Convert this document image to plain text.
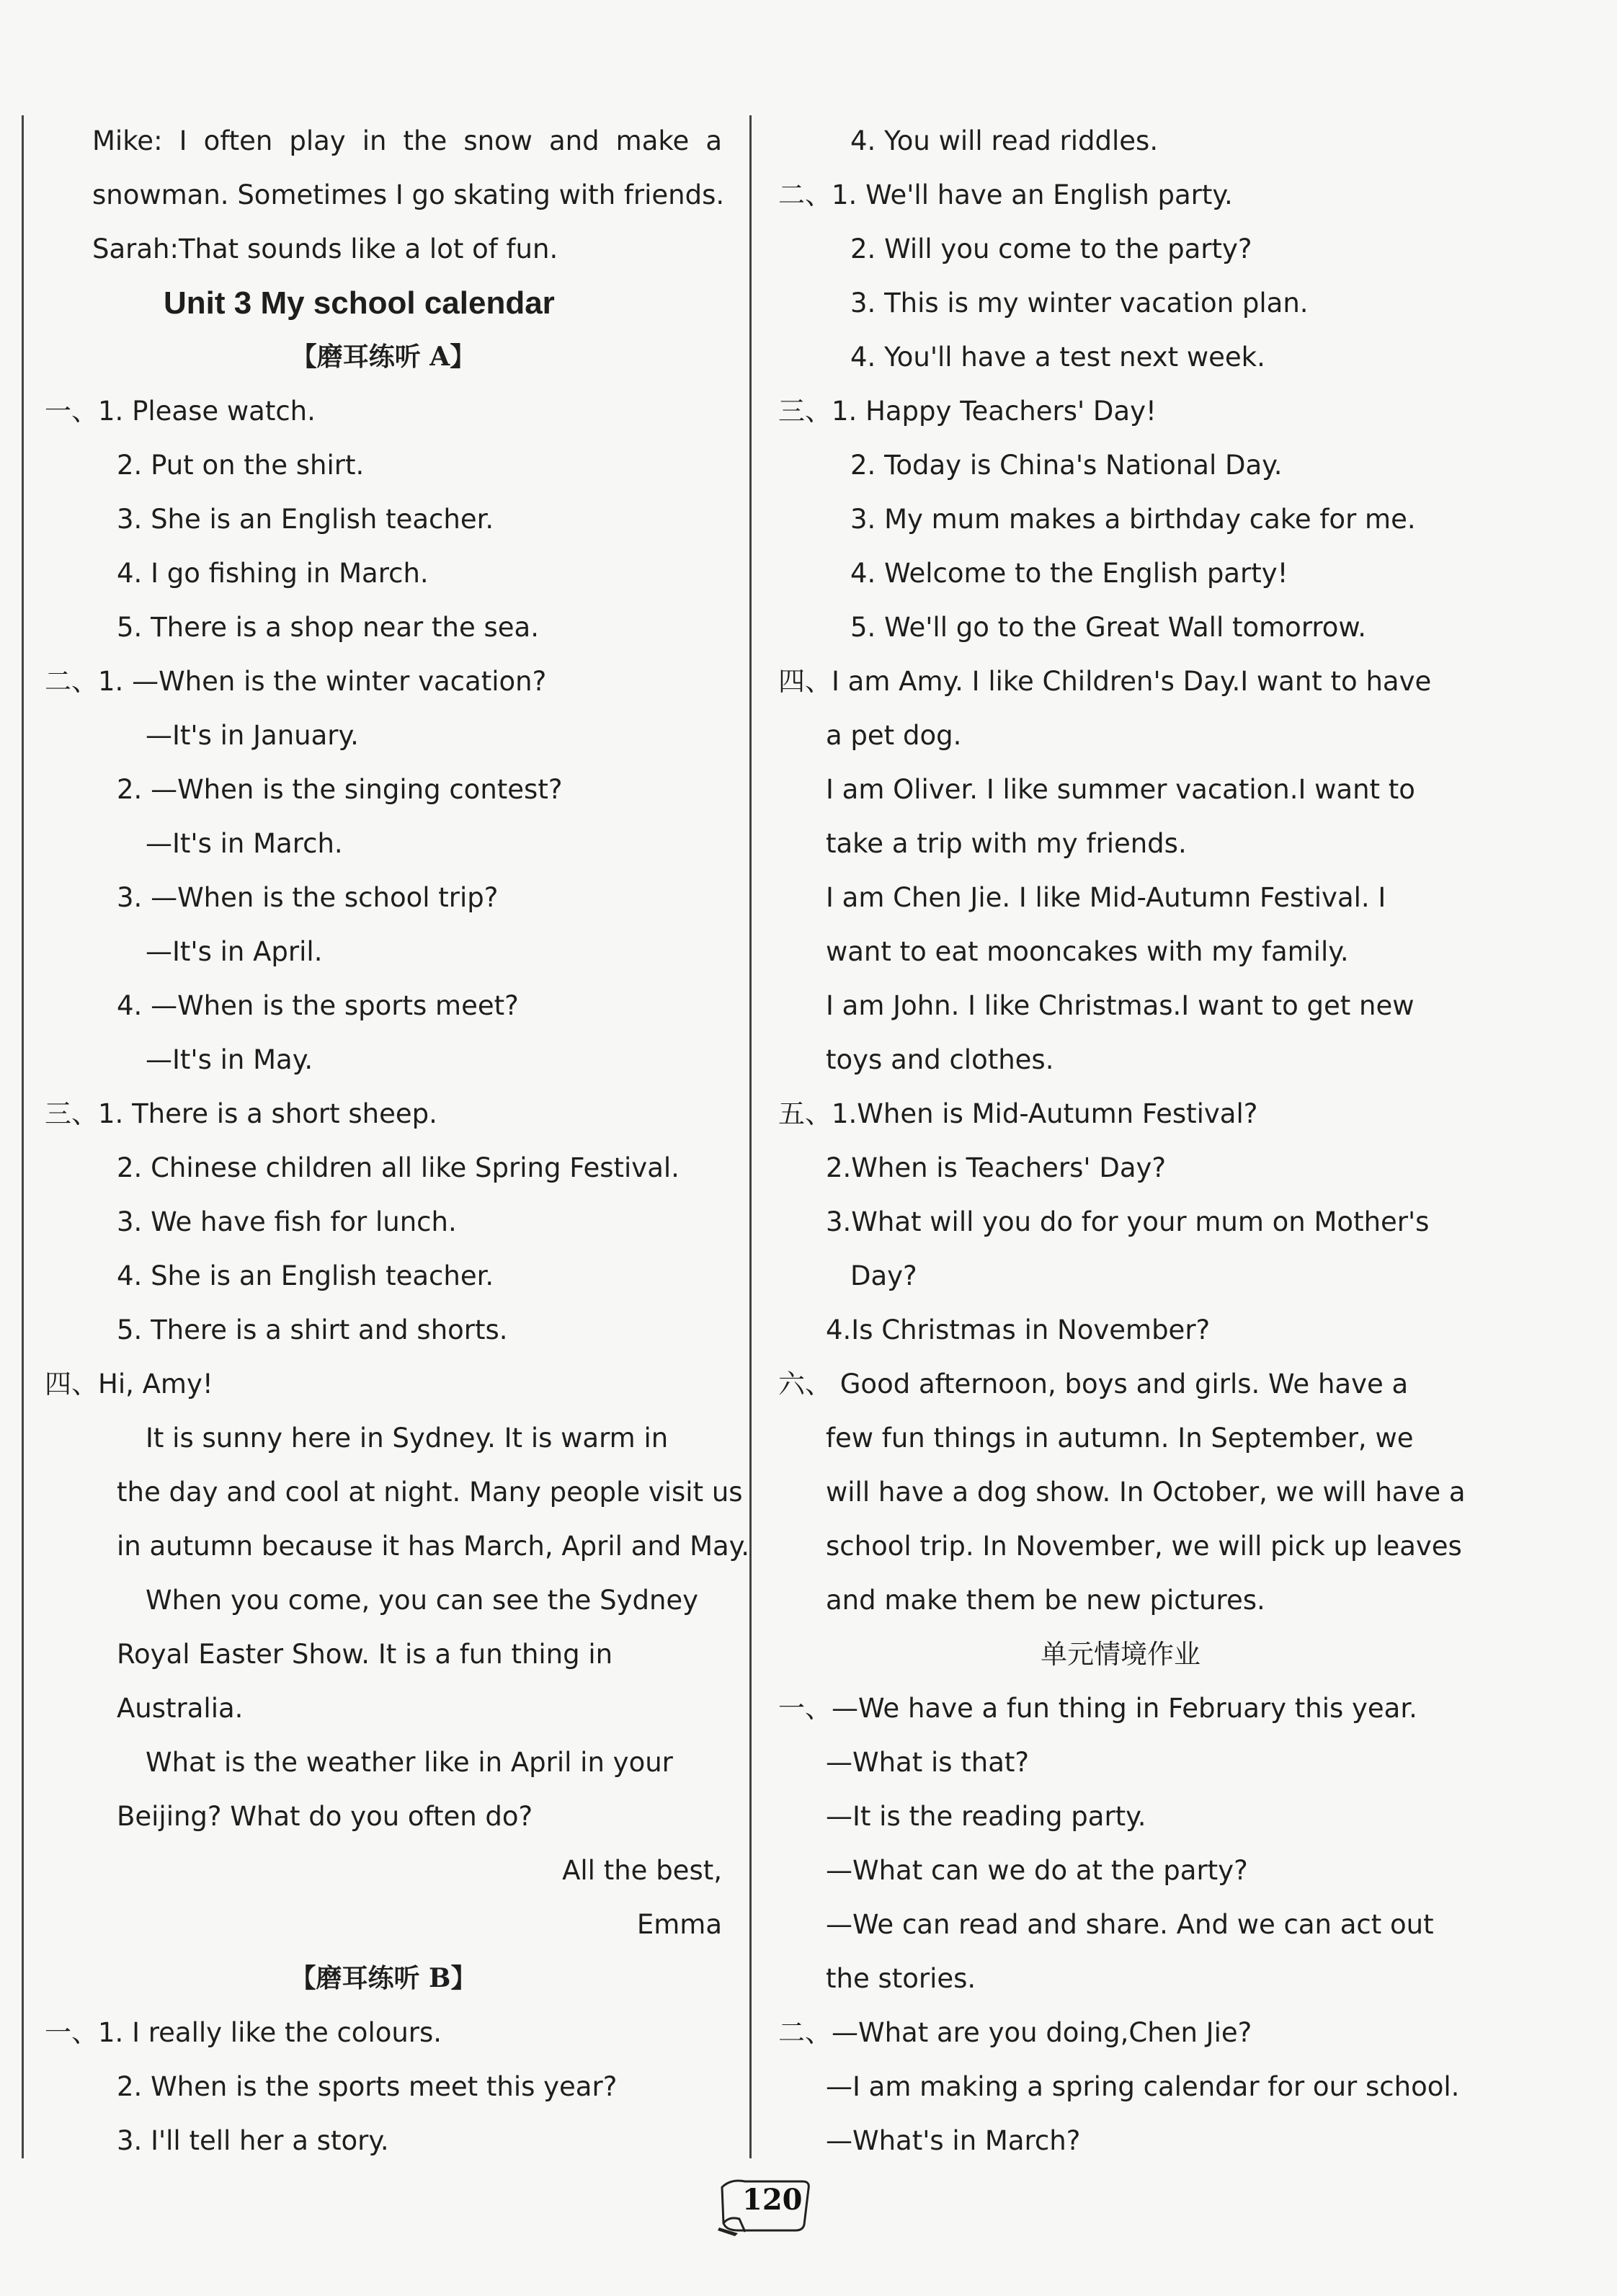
Mike: I often play in the snow and make a
snowman. Sometimes I go skating with friends.
Sarah:That sounds like a lot of fun.
Unit 3 My school calendar
【磨耳练听 A】
一、1. Please watch.
2. Put on the shirt.
3. She is an English teacher.
4. I go fishing in March.
5. There is a shop near the sea.
二、1. —When is the winter vacation?
—It's in January.
2. —When is the singing contest?
—It's in March.
3. —When is the school trip?
—It's in April.
4. —When is the sports meet?
—It's in May.
三、1. There is a short sheep.
2. Chinese children all like Spring Festival.
3. We have fish for lunch.
4. She is an English teacher.
5. There is a shirt and shorts.
四、Hi, Amy!
It is sunny here in Sydney. It is warm in
the day and cool at night. Many people visit us
in autumn because it has March, April and May.
When you come, you can see the Sydney
Royal Easter Show. It is a fun thing in
Australia.
What is the weather like in April in your
Beijing? What do you often do?
All the best,
Emma
【磨耳练听 B】
一、1. I really like the colours.
2. When is the sports meet this year?
3. I'll tell her a story.
4. You will read riddles.
二、1. We'll have an English party.
2. Will you come to the party?
3. This is my winter vacation plan.
4. You'll have a test next week.
三、1. Happy Teachers' Day!
2. Today is China's National Day.
3. My mum makes a birthday cake for me.
4. Welcome to the English party!
5. We'll go to the Great Wall tomorrow.
四、I am Amy. I like Children's Day.I want to have
a pet dog.
I am Oliver. I like summer vacation.I want to
take a trip with my friends.
I am Chen Jie. I like Mid-Autumn Festival. I
want to eat mooncakes with my family.
I am John. I like Christmas.I want to get new
toys and clothes.
五、1.When is Mid-Autumn Festival?
2.When is Teachers' Day?
3.What will you do for your mum on Mother's
Day?
4.Is Christmas in November?
六、 Good afternoon, boys and girls. We have a
few fun things in autumn. In September, we
will have a dog show. In October, we will have a
school trip. In November, we will pick up leaves
and make them be new pictures.
单元情境作业
一、—We have a fun thing in February this year.
—What is that?
—It is the reading party.
—What can we do at the party?
—We can read and share. And we can act out
the stories.
二、—What are you doing,Chen Jie?
—I am making a spring calendar for our school.
—What's in March?
120
